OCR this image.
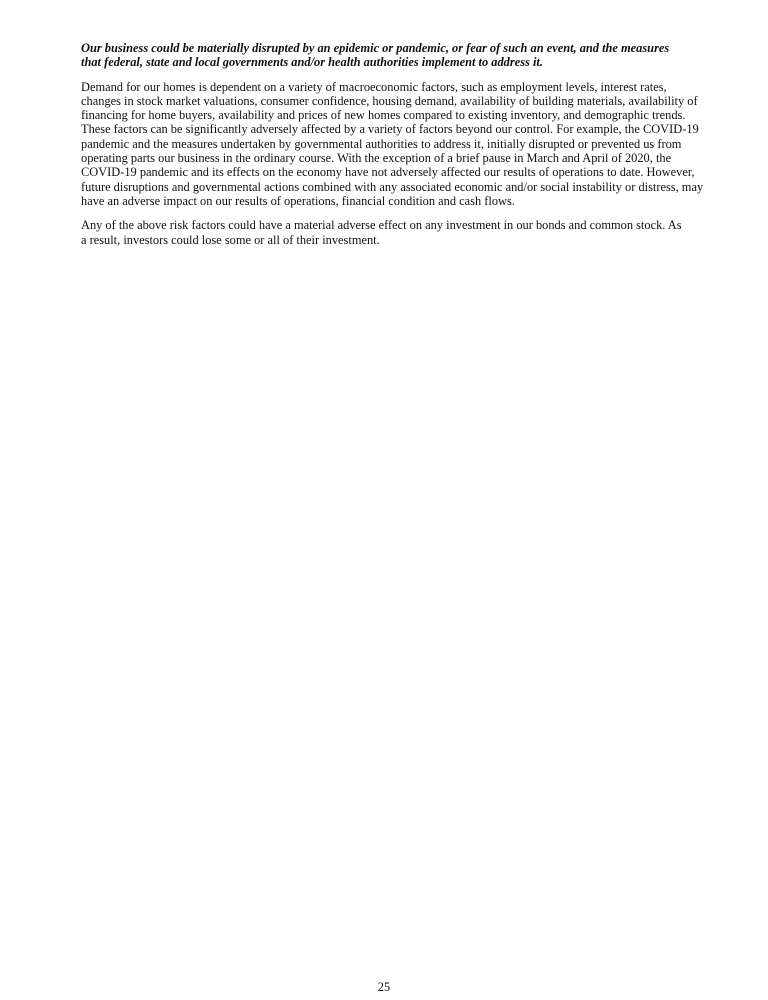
Our business could be materially disrupted by an epidemic or pandemic, or fear of such an event, and the measures
that federal, state and local governments and/or health authorities implement to address it.

Demand for our homes is dependent on a variety of macroeconomic factors, such as employment levels, interest rates,
changes in stock market valuations, consumer confidence, housing demand, availability of building materials, availability of
financing for home buyers, availability and prices of new homes compared to existing inventory, and demographic trends.
These factors can be significantly adversely affected by a variety of factors beyond our control. For example, the COVID-19
pandemic and the measures undertaken by governmental authorities to address it, initially disrupted or prevented us from
operating parts our business in the ordinary course. With the exception of a brief pause in March and April of 2020, the
COVID-19 pandemic and its effects on the economy have not adversely affected our results of operations to date. However,
future disruptions and governmental actions combined with any associated economic and/or social instability or distress, may
have an adverse impact on our results of operations, financial condition and cash flows.

Any of the above risk factors could have a material adverse effect on any investment in our bonds and common stock. As
a result, investors could lose some or all of their investment.

25
